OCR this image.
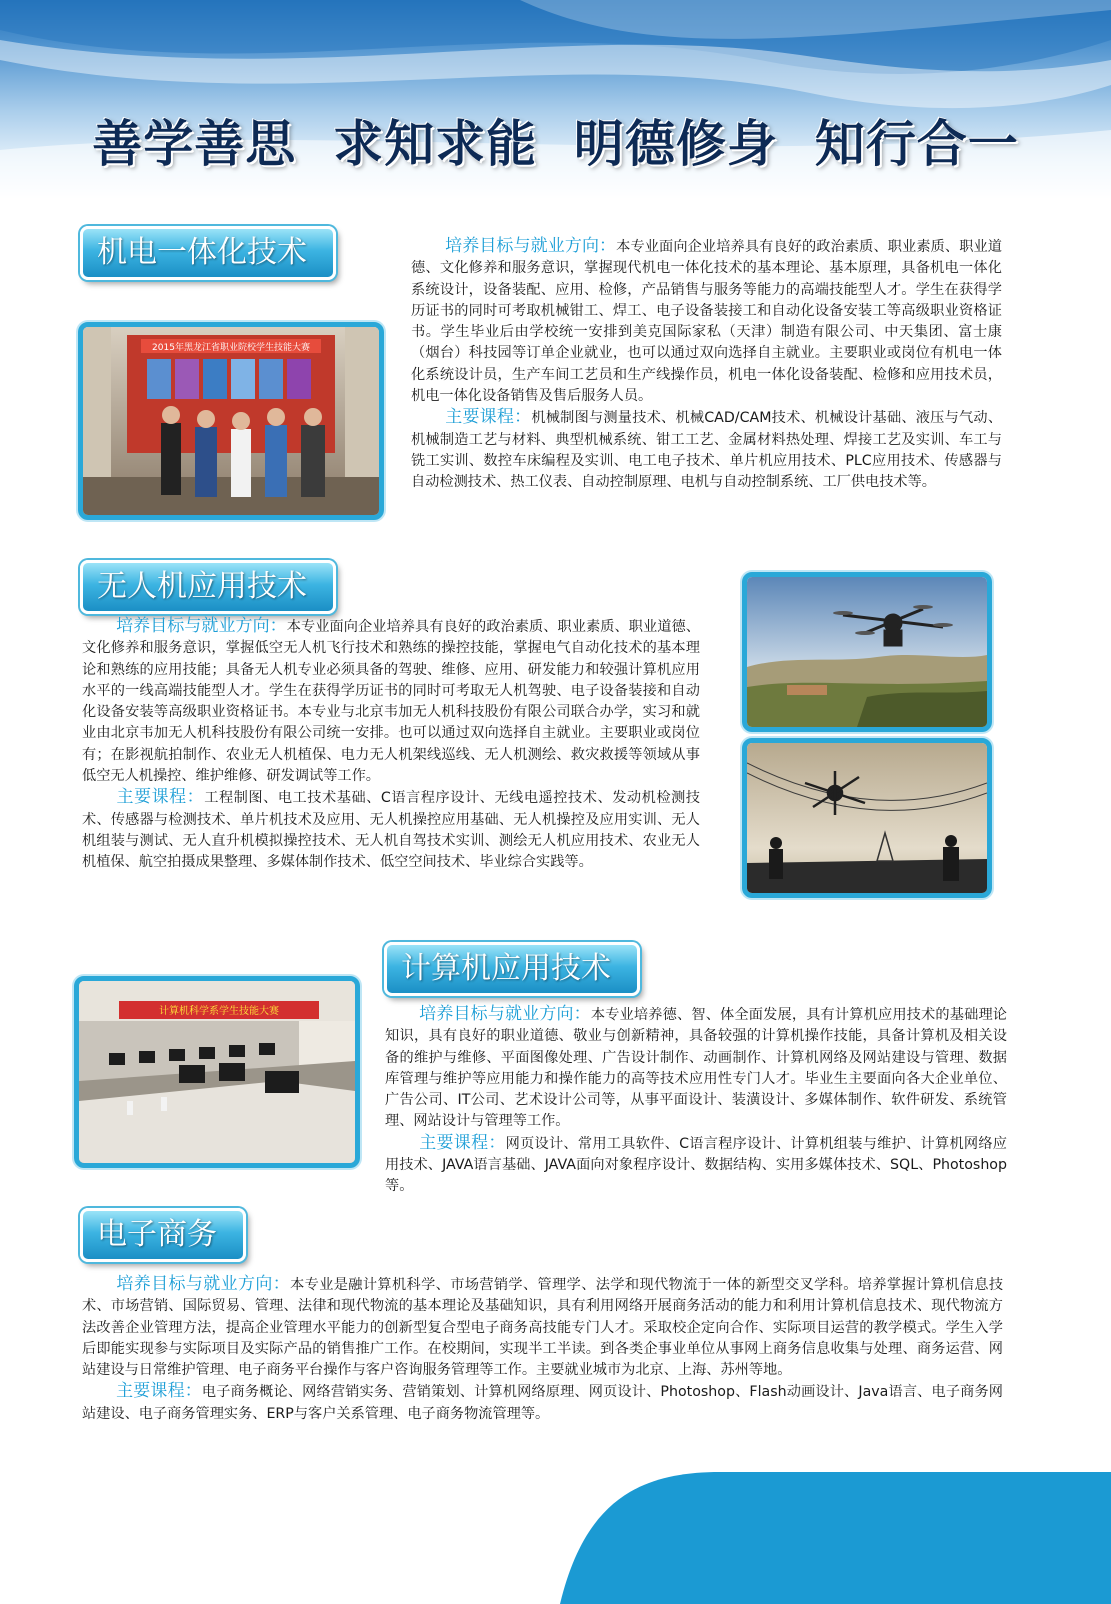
善学善思  求知求能  明德修身  知行合一
机电一体化技术
2015年黑龙江省职业院校学生技能大赛
培养目标与就业方向：本专业面向企业培养具有良好的政治素质、职业素质、职业道德、文化修养和服务意识，掌握现代机电一体化技术的基本理论、基本原理，具备机电一体化系统设计，设备装配、应用、检修，产品销售与服务等能力的高端技能型人才。学生在获得学历证书的同时可考取机械钳工、焊工、电子设备装接工和自动化设备安装工等高级职业资格证书。学生毕业后由学校统一安排到美克国际家私（天津）制造有限公司、中天集团、富士康（烟台）科技园等订单企业就业，也可以通过双向选择自主就业。主要职业或岗位有机电一体化系统设计员，生产车间工艺员和生产线操作员，机电一体化设备装配、检修和应用技术员，机电一体化设备销售及售后服务人员。
主要课程：机械制图与测量技术、机械CAD/CAM技术、机械设计基础、液压与气动、机械制造工艺与材料、典型机械系统、钳工工艺、金属材料热处理、焊接工艺及实训、车工与铣工实训、数控车床编程及实训、电工电子技术、单片机应用技术、PLC应用技术、传感器与自动检测技术、热工仪表、自动控制原理、电机与自动控制系统、工厂供电技术等。
无人机应用技术
培养目标与就业方向：本专业面向企业培养具有良好的政治素质、职业素质、职业道德、文化修养和服务意识，掌握低空无人机飞行技术和熟练的操控技能，掌握电气自动化技术的基本理论和熟练的应用技能；具备无人机专业必须具备的驾驶、维修、应用、研发能力和较强计算机应用水平的一线高端技能型人才。学生在获得学历证书的同时可考取无人机驾驶、电子设备装接和自动化设备安装等高级职业资格证书。本专业与北京韦加无人机科技股份有限公司联合办学，实习和就业由北京韦加无人机科技股份有限公司统一安排。也可以通过双向选择自主就业。主要职业或岗位有；在影视航拍制作、农业无人机植保、电力无人机架线巡线、无人机测绘、救灾救援等领域从事低空无人机操控、维护维修、研发调试等工作。
主要课程：工程制图、电工技术基础、C语言程序设计、无线电遥控技术、发动机检测技术、传感器与检测技术、单片机技术及应用、无人机操控应用基础、无人机操控及应用实训、无人机组装与测试、无人直升机模拟操控技术、无人机自驾技术实训、测绘无人机应用技术、农业无人机植保、航空拍摄成果整理、多媒体制作技术、低空空间技术、毕业综合实践等。
计算机应用技术
计算机科学系学生技能大赛	培养目标与就业方向：本专业培养德、智、体全面发展，具有计算机应用技术的基础理论知识，具有良好的职业道德、敬业与创新精神，具备较强的计算机操作技能，具备计算机及相关设备的维护与维修、平面图像处理、广告设计制作、动画制作、计算机网络及网站建设与管理、数据库管理与维护等应用能力和操作能力的高等技术应用性专门人才。毕业生主要面向各大企业单位、广告公司、IT公司、艺术设计公司等，从事平面设计、装潢设计、多媒体制作、软件研发、系统管理、网站设计与管理等工作。
主要课程：网页设计、常用工具软件、C语言程序设计、计算机组装与维护、计算机网络应用技术、JAVA语言基础、JAVA面向对象程序设计、数据结构、实用多媒体技术、SQL、Photoshop等。
电子商务
培养目标与就业方向：本专业是融计算机科学、市场营销学、管理学、法学和现代物流于一体的新型交叉学科。培养掌握计算机信息技术、市场营销、国际贸易、管理、法律和现代物流的基本理论及基础知识，具有利用网络开展商务活动的能力和利用计算机信息技术、现代物流方法改善企业管理方法，提高企业管理水平能力的创新型复合型电子商务高技能专门人才。采取校企定向合作、实际项目运营的教学模式。学生入学后即能实现参与实际项目及实际产品的销售推广工作。在校期间，实现半工半读。到各类企事业单位从事网上商务信息收集与处理、商务运营、网站建设与日常维护管理、电子商务平台操作与客户咨询服务管理等工作。主要就业城市为北京、上海、苏州等地。
主要课程：电子商务概论、网络营销实务、营销策划、计算机网络原理、网页设计、Photoshop、Flash动画设计、Java语言、电子商务网站建设、电子商务管理实务、ERP与客户关系管理、电子商务物流管理等。
